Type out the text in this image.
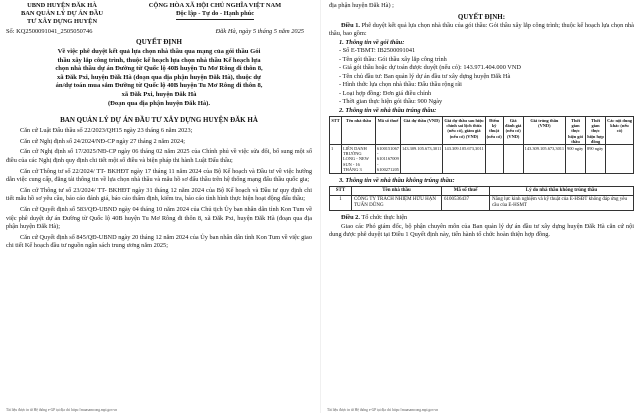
UBND HUYỆN ĐĂK HÀ
BAN QUẢN LÝ DỰ ÁN ĐẦU
TƯ XÂY DỰNG HUYỆN
CỘNG HÒA XÃ HỘI CHỦ NGHĨA VIỆT NAM
Độc lập - Tự do - Hạnh phúc
Số: KQ2500091041_2505050746	Đăk Hà, ngày 5 tháng 5 năm 2025
QUYẾT ĐỊNH
Về việc phê duyệt kết quả lựa chọn nhà thầu qua mạng của gói thầu Gói
thầu xây lắp công trình, thuộc kế hoạch lựa chọn nhà thầu Kế hoạch lựa
chọn nhà thầu dự án Đường từ Quốc lộ 40B huyện Tu Mơ Rông đi thôn 8,
xã Đăk Pxi, huyện Đăk Hà (đoạn qua địa phận huyện Đăk Hà), thuộc dự
án/dự toán mua sắm Đường từ Quốc lộ 40B huyện Tu Mơ Rông đi thôn 8,
xã Đăk Pxi, huyện Đăk Hà
(Đoạn qua địa phận huyện Đăk Hà).
BAN QUẢN LÝ DỰ ÁN ĐẦU TƯ XÂY DỰNG HUYỆN ĐĂK HÀ

Căn cứ Luật Đấu thầu số 22/2023/QH15 ngày 23 tháng 6 năm 2023;

Căn cứ Nghị định số 24/2024/NĐ-CP ngày 27 tháng 2 năm 2024;

Căn cứ Nghị định số 17/2025/NĐ-CP ngày 06 tháng 02 năm 2025 của Chính phủ về việc sửa đổi, bổ sung một số điều của các Nghị định quy định chi tiết một số điều và biện pháp thi hành Luật Đấu thầu;

Căn cứ Thông tư số 22/2024/ TT- BKHĐT ngày 17 tháng 11 năm 2024 của Bộ Kế hoạch và Đầu tư về việc hướng dẫn việc cung cấp, đăng tải thông tin về lựa chọn nhà thầu và mẫu hồ sơ đấu thầu trên hệ thống mạng đấu thầu quốc gia;

Căn cứ Thông tư số 23/2024/ TT- BKHĐT ngày 31 tháng 12 năm 2024 của Bộ Kế hoạch và Đầu tư quy định chi tiết mẫu hồ sơ yêu cầu, báo cáo đánh giá, báo cáo thẩm định, kiểm tra, báo cáo tình hình thực hiện hoạt động đấu thầu;

Căn cứ Quyết định số 583/QĐ-UBND ngày 04 tháng 10 năm 2024 của Chủ tịch Ủy ban nhân dân tỉnh Kon Tum về việc phê duyệt dự án Đường từ Quốc lộ 40B huyện Tu Mơ Rông đi thôn 8, xã Đăk Pxi, huyện Đăk Hà (đoạn qua địa phận huyện Đăk Hà);

Căn cứ Quyết định số 845/QĐ-UBND ngày 20 tháng 12 năm 2024 của Ủy ban nhân dân tỉnh Kon Tum về việc giao chi tiết Kế hoạch đầu tư nguồn ngân sách trung ương năm 2025;

Tài liệu được in từ Hệ thống e-GP tại địa chỉ https://muasamcong.mpi.gov.vn
địa phận huyện Đăk Hà) ;
QUYẾT ĐỊNH:

Điều 1. Phê duyệt kết quả lựa chọn nhà thầu của gói thầu: Gói thầu xây lắp công trình; thuộc kế hoạch lựa chọn nhà thầu, bao gồm:

1. Thông tin về gói thầu:
- Số E-TBMT: IB2500091041
- Tên gói thầu: Gói thầu xây lắp công trình
- Giá gói thầu hoặc dự toán được duyệt (nếu có): 143.971.404.000 VND
- Tên chủ đầu tư: Ban quản lý dự án đầu tư xây dựng huyện Đăk Hà
- Hình thức lựa chọn nhà thầu: Đấu thầu rộng rãi
- Loại hợp đồng: Đơn giá điều chỉnh
- Thời gian thực hiện gói thầu: 900 Ngày
2. Thông tin về nhà thầu trúng thầu:
STT	Tên nhà thầu	Mã số thuế	Giá dự thầu (VND)	Giá dự thầu sau hiệu chỉnh sai lệch thừa (nếu có), giảm giá (nếu có) (VND)	Điểm kỹ thuật (nếu có)	Giá đánh giá (nếu có) (VND)	Giá trúng thầu (VND)	Thời gian thực hiện gói thầu	Thời gian thực hiện hợp đồng	Các nội dung khác (nếu có)
1	LIÊN DANH TRƯỜNG LONG - NEW SUN - 16 THÁNG 3	6100151067 - 6101167009 - 6100271205	143.309.105.673,3011	143.309.105.673,3011			143.309.105.673,3011	900 ngày	890 ngày	
3. Thông tin về nhà thầu không trúng thầu:
STT	Tên nhà thầu	Mã số thuế	Lý do nhà thầu không trúng thầu
1	CÔNG TY TRÁCH NHIỆM HỮU HẠN TUẤN DŨNG	6100536437	Năng lực kinh nghiệm và kỹ thuật của E-HSĐT không đáp ứng yêu cầu của E-HSMT

Điều 2. Tổ chức thực hiện

Giao các Phó giám đốc, bộ phận chuyên môn của Ban quản lý dự án đầu tư xây dựng huyện Đăk Hà căn cứ nội dung được phê duyệt tại Điều 1 Quyết định này, tiến hành tổ chức hoàn thiện hợp đồng.

Tài liệu được in từ Hệ thống e-GP tại địa chỉ https://muasamcong.mpi.gov.vn
